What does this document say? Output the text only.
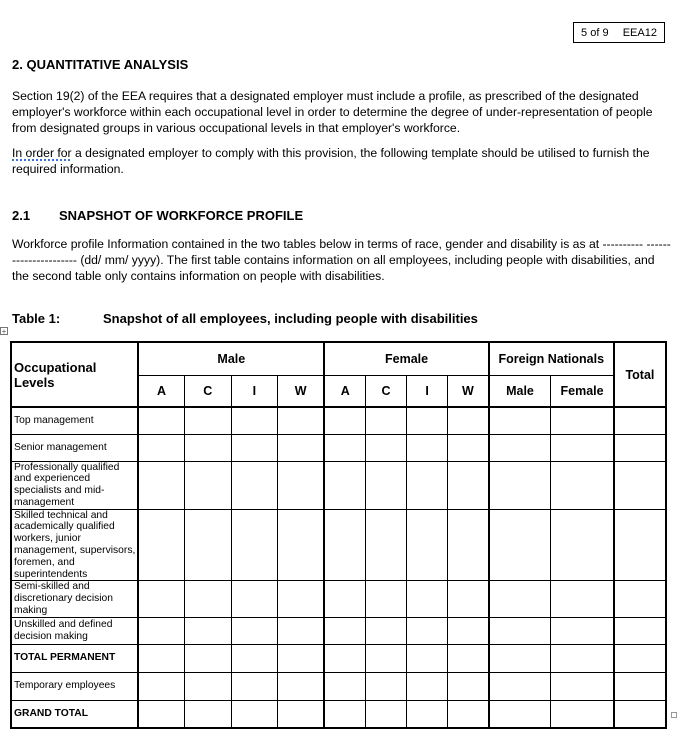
5 of 9 EEA12
2. QUANTITATIVE ANALYSIS
Section 19(2) of the EEA requires that a designated employer must include a profile, as prescribed of the designated employer's workforce within each occupational level in order to determine the degree of under-representation of people from designated groups in various occupational levels in that employer's workforce.
In order for a designated employer to comply with this provision, the following template should be utilised to furnish the required information.
2.1 SNAPSHOT OF WORKFORCE PROFILE
Workforce profile Information contained in the two tables below in terms of race, gender and disability is as at ---------- ---------------------- (dd/ mm/ yyyy). The first table contains information on all employees, including people with disabilities, and the second table only contains information on people with disabilities.
Table 1:	Snapshot of all employees, including people with disabilities
+
Occupational Levels	Male				Female				Foreign Nationals		Total
	A	C	I	W	A	C	I	W	Male	Female	
Top management											
Senior management											
Professionally qualified and experienced specialists and mid-management											
Skilled technical and academically qualified workers, junior management, supervisors, foremen, and superintendents											
Semi-skilled and discretionary decision making											
Unskilled and defined decision making											
TOTAL PERMANENT											
Temporary employees											
GRAND TOTAL											
